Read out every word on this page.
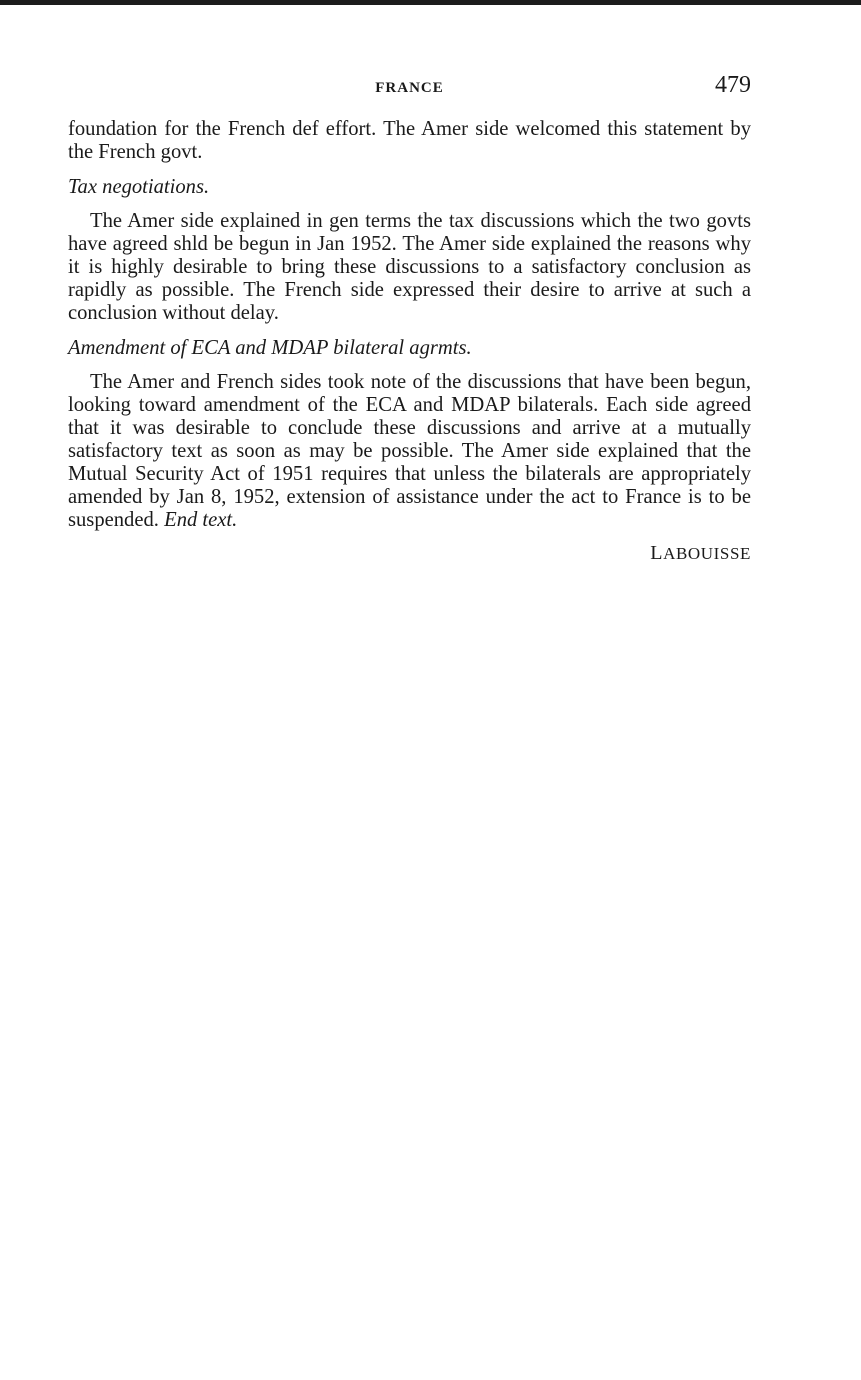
FRANCE	479

foundation for the French def effort. The Amer side welcomed this statement by the French govt.

Tax negotiations.

The Amer side explained in gen terms the tax discussions which the two govts have agreed shld be begun in Jan 1952. The Amer side explained the reasons why it is highly desirable to bring these discussions to a satisfactory conclusion as rapidly as possible. The French side expressed their desire to arrive at such a conclusion without delay.

Amendment of ECA and MDAP bilateral agrmts.

The Amer and French sides took note of the discussions that have been begun, looking toward amendment of the ECA and MDAP bilaterals. Each side agreed that it was desirable to conclude these discussions and arrive at a mutually satisfactory text as soon as may be possible. The Amer side explained that the Mutual Security Act of 1951 requires that unless the bilaterals are appropriately amended by Jan 8, 1952, extension of assistance under the act to France is to be suspended. End text.

LABOUISSE
